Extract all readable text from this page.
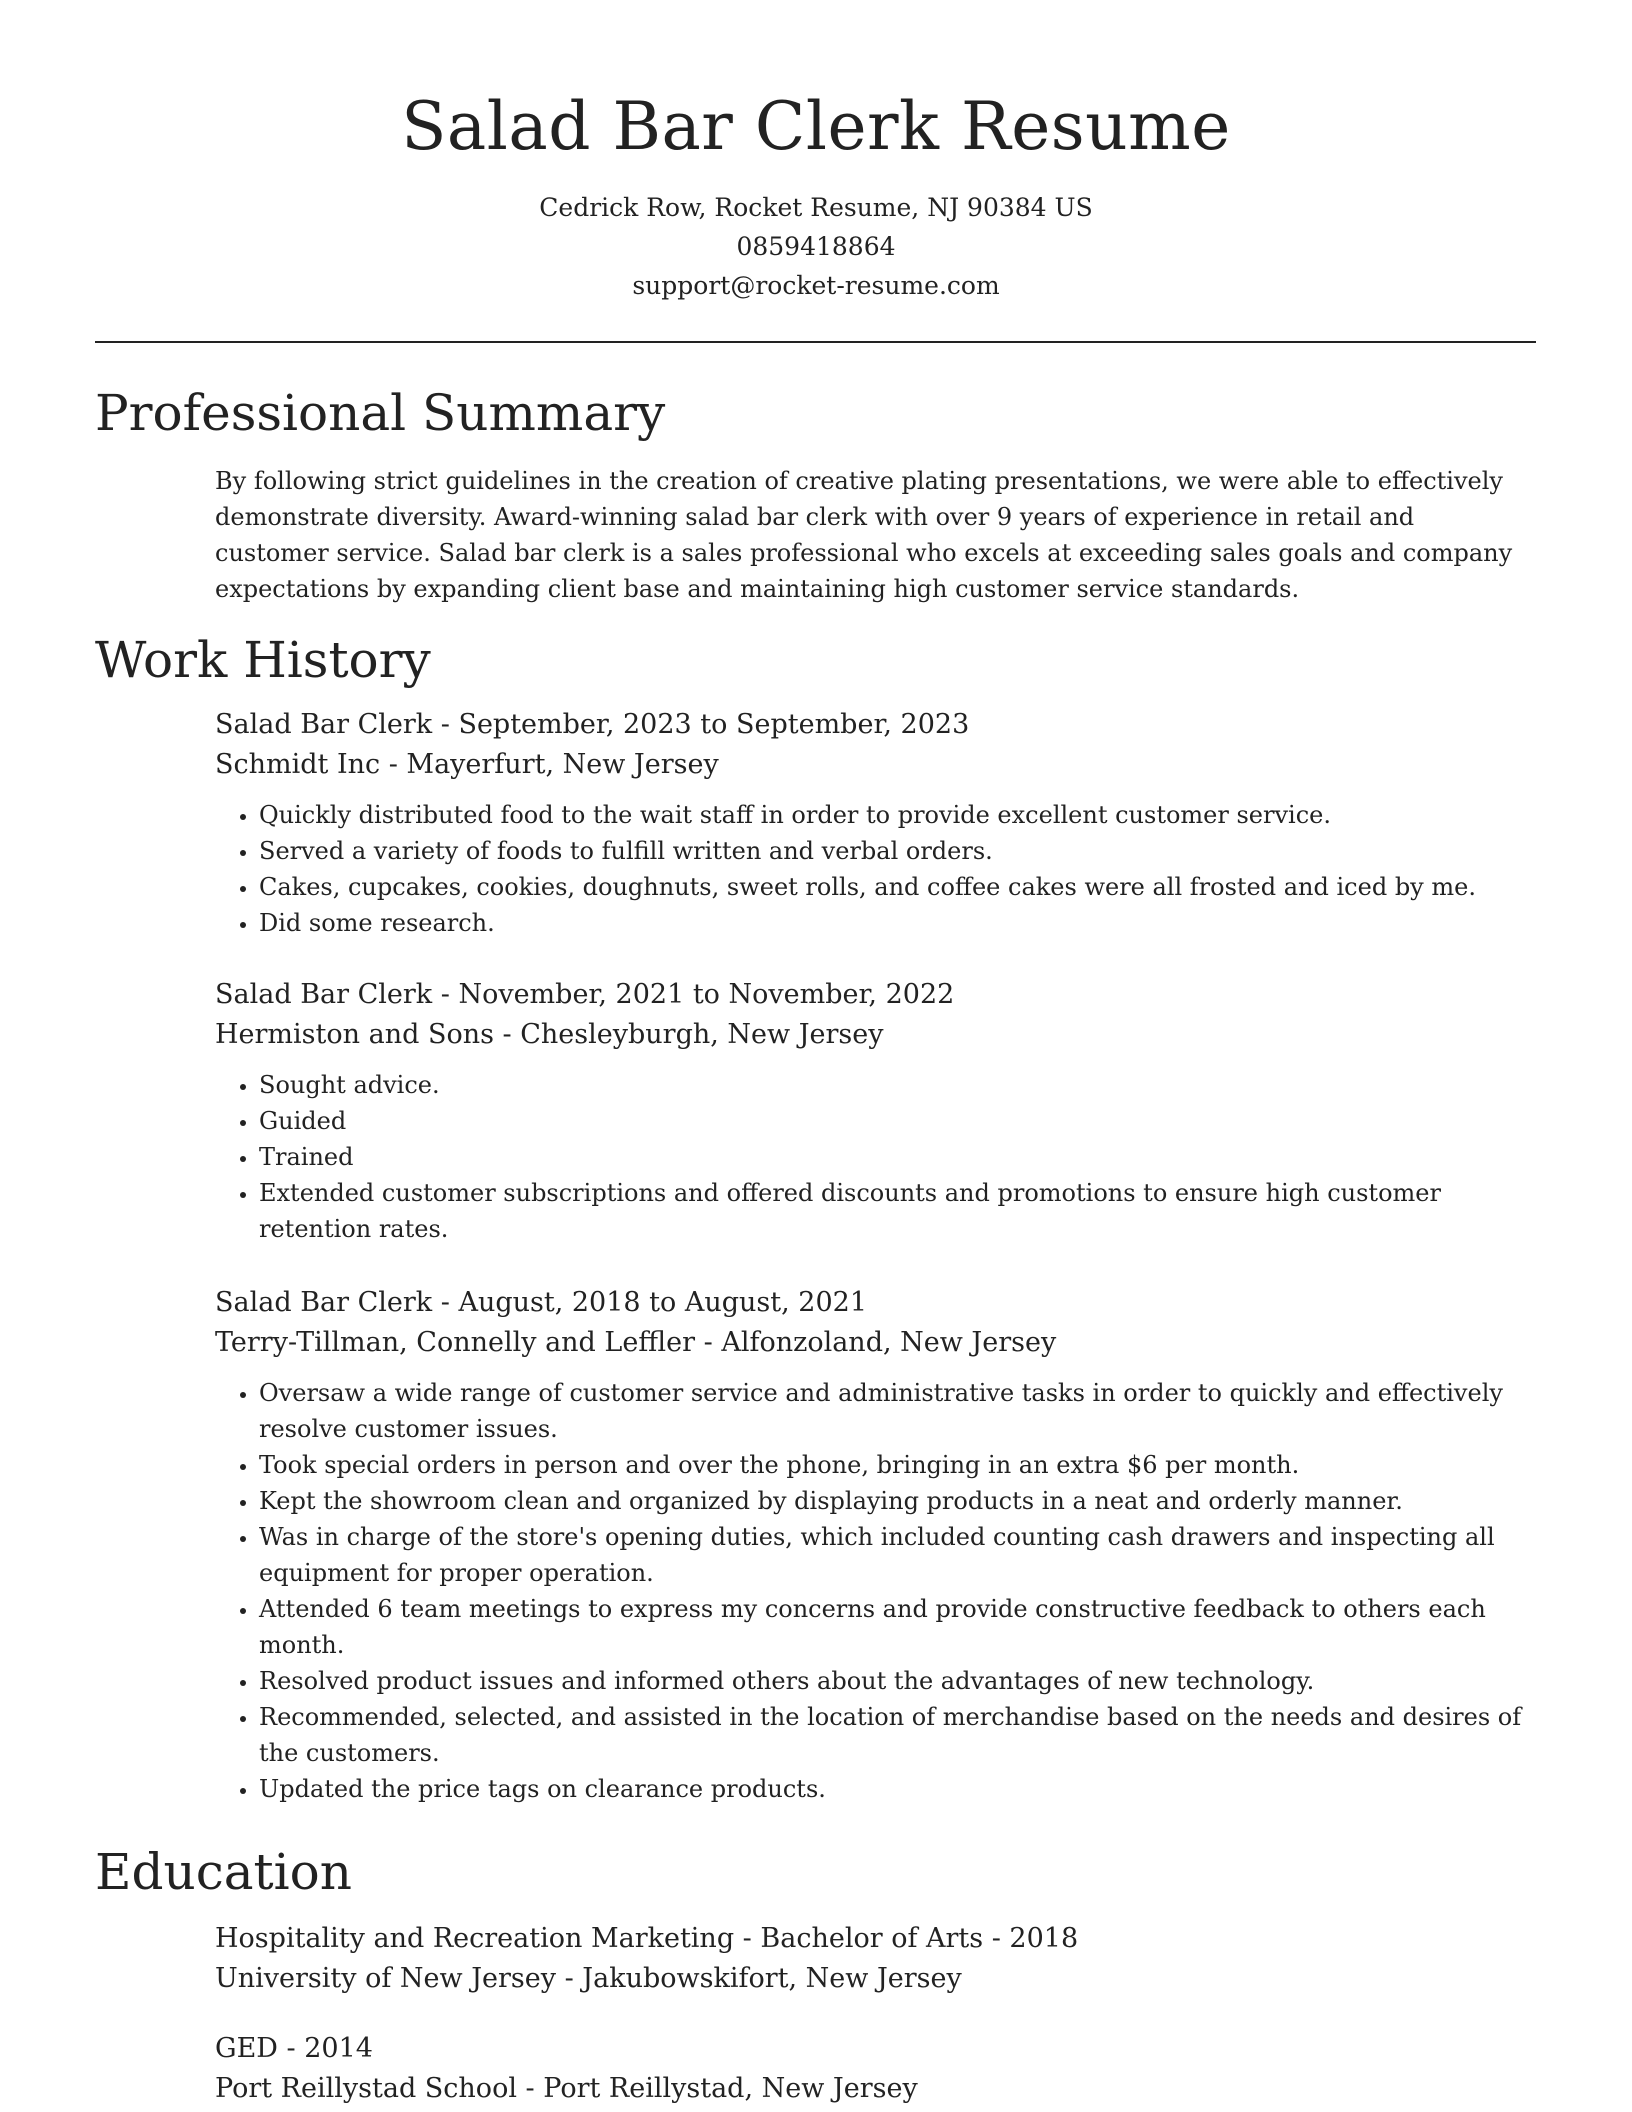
Salad Bar Clerk Resume
Cedrick Row, Rocket Resume, NJ 90384 US
0859418864
support@rocket-resume.com
Professional Summary

By following strict guidelines in the creation of creative plating presentations, we were able to effectively demonstrate diversity. Award-winning salad bar clerk with over 9 years of experience in retail and customer service. Salad bar clerk is a sales professional who excels at exceeding sales goals and company expectations by expanding client base and maintaining high customer service standards.

Work History
Salad Bar Clerk - September, 2023 to September, 2023
Schmidt Inc - Mayerfurt, New Jersey
• Quickly distributed food to the wait staff in order to provide excellent customer service.
• Served a variety of foods to fulfill written and verbal orders.
• Cakes, cupcakes, cookies, doughnuts, sweet rolls, and coffee cakes were all frosted and iced by me.
• Did some research.
Salad Bar Clerk - November, 2021 to November, 2022
Hermiston and Sons - Chesleyburgh, New Jersey
• Sought advice.
• Guided
• Trained
• Extended customer subscriptions and offered discounts and promotions to ensure high customer retention rates.
Salad Bar Clerk - August, 2018 to August, 2021
Terry-Tillman, Connelly and Leffler - Alfonzoland, New Jersey
• Oversaw a wide range of customer service and administrative tasks in order to quickly and effectively resolve customer issues.
• Took special orders in person and over the phone, bringing in an extra $6 per month.
• Kept the showroom clean and organized by displaying products in a neat and orderly manner.
• Was in charge of the store's opening duties, which included counting cash drawers and inspecting all equipment for proper operation.
• Attended 6 team meetings to express my concerns and provide constructive feedback to others each month.
• Resolved product issues and informed others about the advantages of new technology.
• Recommended, selected, and assisted in the location of merchandise based on the needs and desires of the customers.
• Updated the price tags on clearance products.
Education
Hospitality and Recreation Marketing - Bachelor of Arts - 2018
University of New Jersey - Jakubowskifort, New Jersey
GED - 2014
Port Reillystad School - Port Reillystad, New Jersey
